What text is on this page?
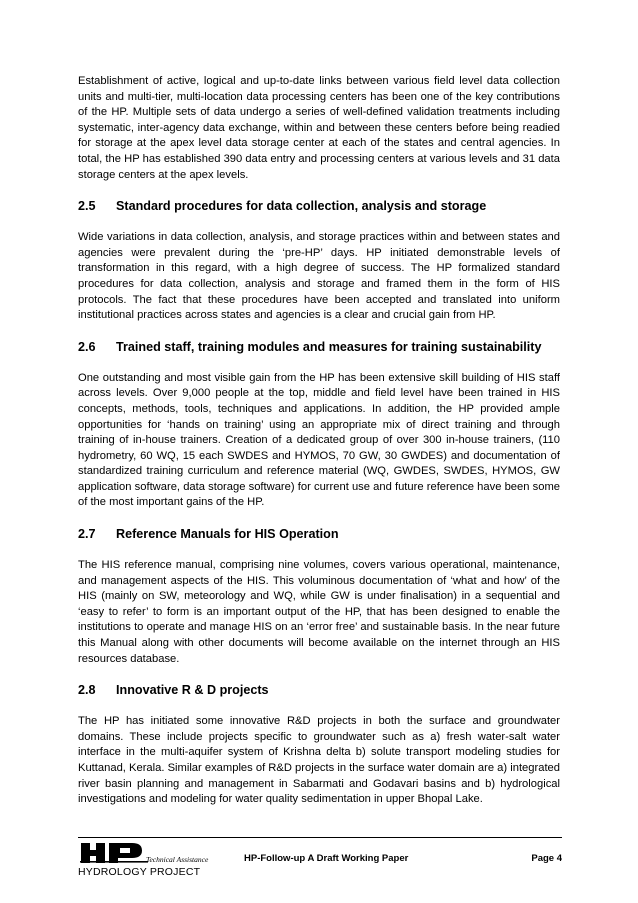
Establishment of active, logical and up-to-date links between various field level data collection units and multi-tier, multi-location data processing centers has been one of the key contributions of the HP. Multiple sets of data undergo a series of well-defined validation treatments including systematic, inter-agency data exchange, within and between these centers before being readied for storage at the apex level data storage center at each of the states and central agencies. In total, the HP has established 390 data entry and processing centers at various levels and 31 data storage centers at the apex levels.

2.5	Standard procedures for data collection, analysis and storage

Wide variations in data collection, analysis, and storage practices within and between states and agencies were prevalent during the ‘pre-HP’ days. HP initiated demonstrable levels of transformation in this regard, with a high degree of success. The HP formalized standard procedures for data collection, analysis and storage and framed them in the form of HIS protocols. The fact that these procedures have been accepted and translated into uniform institutional practices across states and agencies is a clear and crucial gain from HP.

2.6	Trained staff, training modules and measures for training sustainability

One outstanding and most visible gain from the HP has been extensive skill building of HIS staff across levels. Over 9,000 people at the top, middle and field level have been trained in HIS concepts, methods, tools, techniques and applications. In addition, the HP provided ample opportunities for ‘hands on training’ using an appropriate mix of direct training and through training of in-house trainers. Creation of a dedicated group of over 300 in-house trainers, (110 hydrometry, 60 WQ, 15 each SWDES and HYMOS, 70 GW, 30 GWDES) and documentation of standardized training curriculum and reference material (WQ, GWDES, SWDES, HYMOS, GW application software, data storage software) for current use and future reference have been some of the most important gains of the HP.

2.7	Reference Manuals for HIS Operation

The HIS reference manual, comprising nine volumes, covers various operational, maintenance, and management aspects of the HIS. This voluminous documentation of ‘what and how’ of the HIS (mainly on SW, meteorology and WQ, while GW is under finalisation) in a sequential and ‘easy to refer’ to form is an important output of the HP, that has been designed to enable the institutions to operate and manage HIS on an ‘error free’ and sustainable basis. In the near future this Manual along with other documents will become available on the internet through an HIS resources database.

2.8	Innovative R & D projects

The HP has initiated some innovative R&D projects in both the surface and groundwater domains. These include projects specific to groundwater such as a) fresh water-salt water interface in the multi-aquifer system of Krishna delta b) solute transport modeling studies for Kuttanad, Kerala. Similar examples of R&D projects in the surface water domain are a) integrated river basin planning and management in Sabarmati and Godavari basins and b) hydrological investigations and modeling for water quality sedimentation in upper Bhopal Lake.

Technical Assistance
HYDROLOGY PROJECT
HP-Follow-up A Draft Working Paper	Page 4
